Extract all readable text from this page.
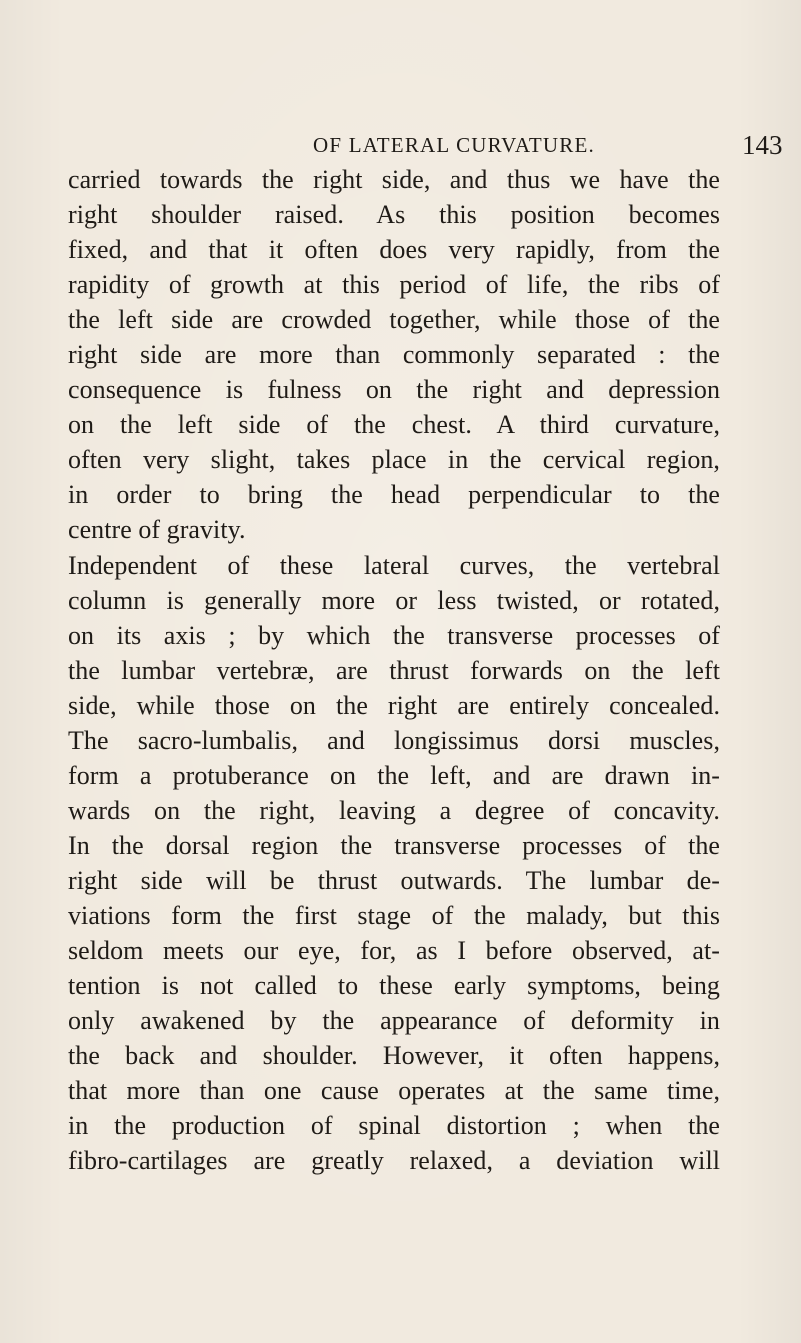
OF LATERAL CURVATURE.	143
carried towards the right side, and thus we have the
right shoulder raised. As this position becomes
fixed, and that it often does very rapidly, from the
rapidity of growth at this period of life, the ribs of
the left side are crowded together, while those of the
right side are more than commonly separated : the
consequence is fulness on the right and depression
on the left side of the chest. A third curvature,
often very slight, takes place in the cervical region,
in order to bring the head perpendicular to the
centre of gravity.
Independent of these lateral curves, the vertebral
column is generally more or less twisted, or rotated,
on its axis ; by which the transverse processes of
the lumbar vertebræ, are thrust forwards on the left
side, while those on the right are entirely concealed.
The sacro-lumbalis, and longissimus dorsi muscles,
form a protuberance on the left, and are drawn in-
wards on the right, leaving a degree of concavity.
In the dorsal region the transverse processes of the
right side will be thrust outwards. The lumbar de-
viations form the first stage of the malady, but this
seldom meets our eye, for, as I before observed, at-
tention is not called to these early symptoms, being
only awakened by the appearance of deformity in
the back and shoulder. However, it often happens,
that more than one cause operates at the same time,
in the production of spinal distortion ; when the
fibro-cartilages are greatly relaxed, a deviation will
